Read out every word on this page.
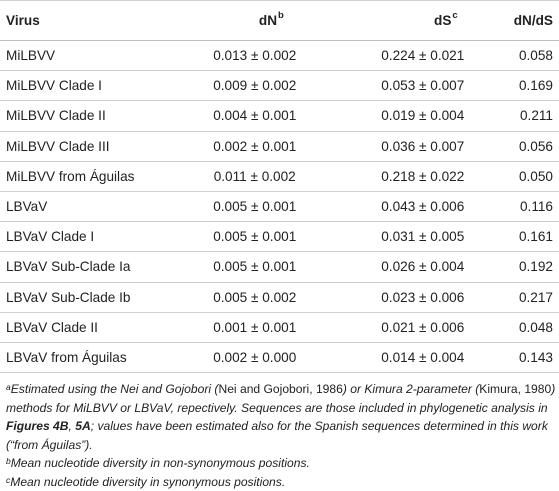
Virus	$dN^b$	$dS^c$	dN/dS
MiLBVV	0.013 ± 0.002	0.224 ± 0.021	0.058
MiLBVV Clade I	0.009 ± 0.002	0.053 ± 0.007	0.169
MiLBVV Clade II	0.004 ± 0.001	0.019 ± 0.004	0.211
MiLBVV Clade III	0.002 ± 0.001	0.036 ± 0.007	0.056
MiLBVV from Águilas	0.011 ± 0.002	0.218 ± 0.022	0.050
LBVaV	0.005 ± 0.001	0.043 ± 0.006	0.116
LBVaV Clade I	0.005 ± 0.001	0.031 ± 0.005	0.161
LBVaV Sub-Clade Ia	0.005 ± 0.001	0.026 ± 0.004	0.192
LBVaV Sub-Clade Ib	0.005 ± 0.002	0.023 ± 0.006	0.217
LBVaV Clade II	0.001 ± 0.001	0.021 ± 0.006	0.048
LBVaV from Águilas	0.002 ± 0.000	0.014 ± 0.004	0.143

$^a$Estimated using the Nei and Gojobori (Nei and Gojobori, 1986) or Kimura 2-parameter (Kimura, 1980) methods for MiLBVV or LBVaV, repectively. Sequences are those included in phylogenetic analysis in Figures 4B, 5A; values have been estimated also for the Spanish sequences determined in this work (“from Águilas”).

$^b$Mean nucleotide diversity in non-synonymous positions.

$^c$Mean nucleotide diversity in synonymous positions.
